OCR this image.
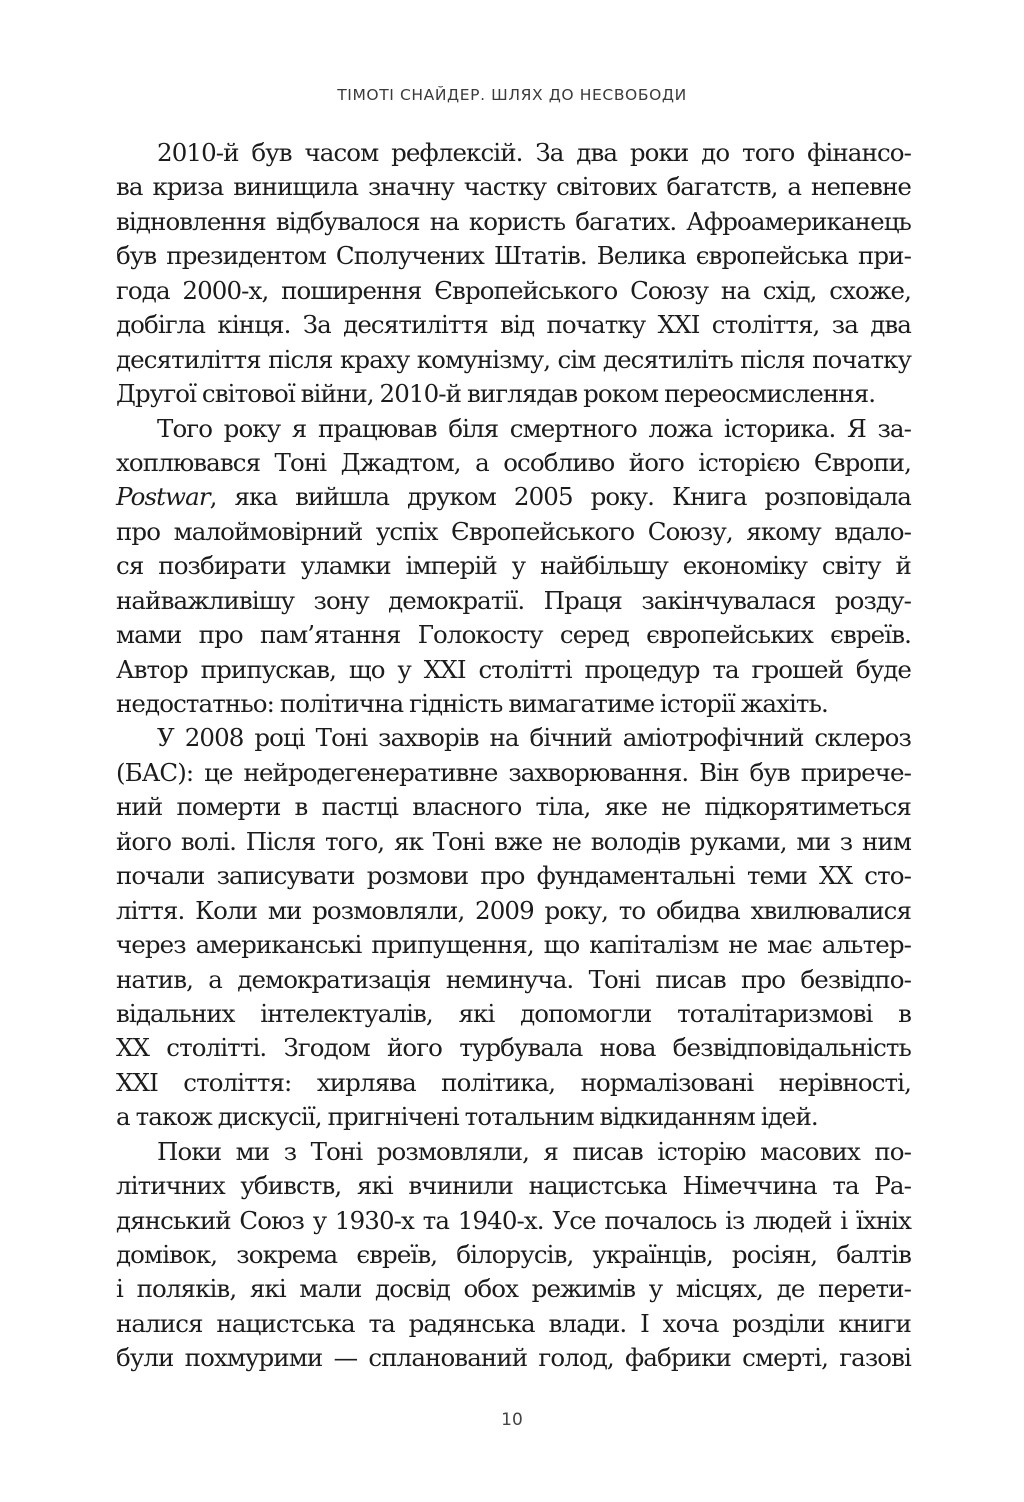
ТІМОТІ СНАЙДЕР. ШЛЯХ ДО НЕСВОБОДИ
2010-й був часом рефлексій. За два роки до того фінансо-
ва криза винищила значну частку світових багатств, а непевне
відновлення відбувалося на користь багатих. Афроамериканець
був президентом Сполучених Штатів. Велика європейська при-
года 2000-х, поширення Європейського Союзу на схід, схоже,
добігла кінця. За десятиліття від початку XXI століття, за два
десятиліття після краху комунізму, сім десятиліть після початку
Другої світової війни, 2010-й виглядав роком переосмислення.
Того року я працював біля смертного ложа історика. Я за-
хоплювався Тоні Джадтом, а особливо його історією Європи,
Postwar, яка вийшла друком 2005 року. Книга розповідала
про малоймовірний успіх Європейського Союзу, якому вдало-
ся позбирати уламки імперій у найбільшу економіку світу й
найважливішу зону демократії. Праця закінчувалася розду-
мами про пам’ятання Голокосту серед європейських євреїв.
Автор припускав, що у XXI столітті процедур та грошей буде
недостатньо: політична гідність вимагатиме історії жахіть.
У 2008 році Тоні захворів на бічний аміотрофічний склероз
(БАС): це нейродегенеративне захворювання. Він був прирече-
ний померти в пастці власного тіла, яке не підкорятиметься
його волі. Після того, як Тоні вже не володів руками, ми з ним
почали записувати розмови про фундаментальні теми XX сто-
ліття. Коли ми розмовляли, 2009 року, то обидва хвилювалися
через американські припущення, що капіталізм не має альтер-
натив, а демократизація неминуча. Тоні писав про безвідпо-
відальних інтелектуалів, які допомогли тоталітаризмові в
XX столітті. Згодом його турбувала нова безвідповідальність
XXI століття: хирлява політика, нормалізовані нерівності,
а також дискусії, пригнічені тотальним відкиданням ідей.
Поки ми з Тоні розмовляли, я писав історію масових по-
літичних убивств, які вчинили нацистська Німеччина та Ра-
дянський Союз у 1930-х та 1940-х. Усе почалось із людей і їхніх
домівок, зокрема євреїв, білорусів, українців, росіян, балтів
і поляків, які мали досвід обох режимів у місцях, де перети-
налися нацистська та радянська влади. І хоча розділи книги
були похмурими — спланований голод, фабрики смерті, газові
10
